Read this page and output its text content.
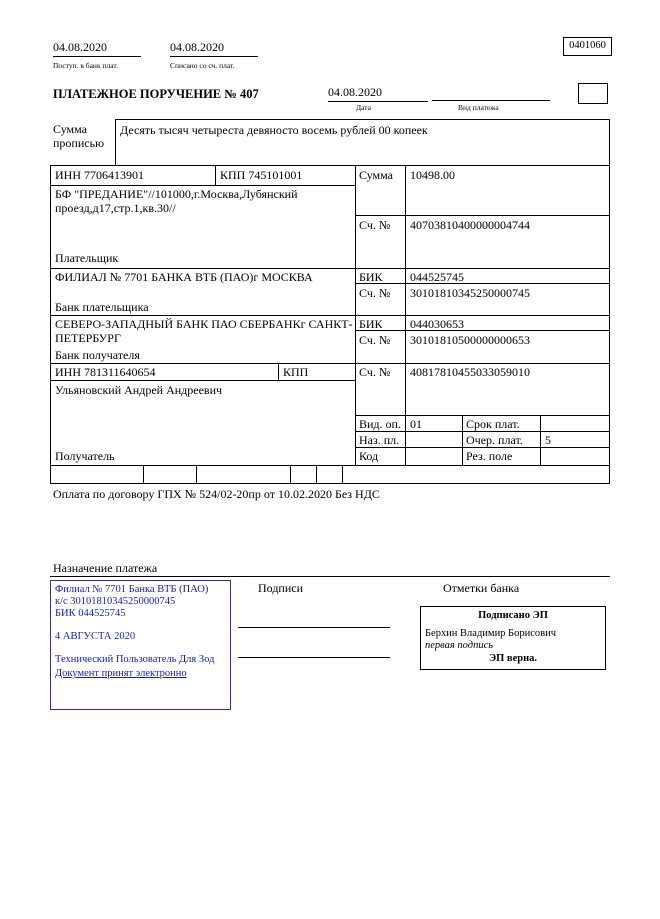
04.08.2020
Поступ. в банк плат.
04.08.2020
Списано со сч. плат.
0401060
ПЛАТЕЖНОЕ ПОРУЧЕНИЕ № 407	04.08.2020
Дата	Вид платежа
Сумма прописью
Десять тысяч четыреста девяносто восемь рублей 00 копеек
ИНН 7706413901	КПП 745101001	Сумма 10498.00
БФ "ПРЕДАНИЕ"//101000,г.Москва,Лубянский проезд,д17,стр.1,кв.30//
Сч. № 40703810400000004744
Плательщик
ФИЛИАЛ № 7701 БАНКА ВТБ (ПАО)г МОСКВА	БИК 044525745
Сч. № 30101810345250000745
Банк плательщика
СЕВЕРО-ЗАПАДНЫЙ БАНК ПАО СБЕРБАНКг САНКТ-ПЕТЕРБУРГ
БИК 044030653
Сч. № 30101810500000000653
Банк получателя
ИНН 781311640654	КПП	Сч. № 40817810455033059010
Ульяновский Андрей Андреевич
Вид. оп. 01	Срок плат.
Наз. пл.	Очер. плат. 5
Код	Рез. поле
Получатель
Оплата по договору ГПХ № 524/02-20пр от 10.02.2020 Без НДС
Назначение платежа
Подписи	Отметки банка
Филиал № 7701 Банка ВТБ (ПАО)
к/с 30101810345250000745
БИК 044525745
4 АВГУСТА 2020
Технический Пользователь Для Зод
Документ принят электронно
Подписано ЭП
Берхин Владимир Борисович
первая подпись
ЭП верна.
